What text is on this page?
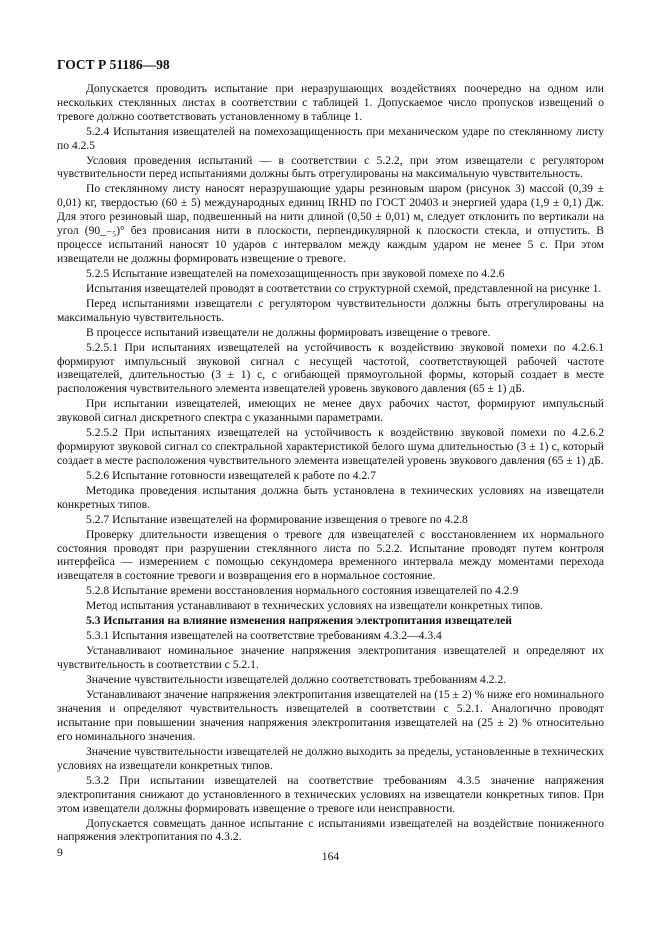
ГОСТ Р 51186—98

Допускается проводить испытание при неразрушающих воздействиях поочередно на одном или нескольких стеклянных листах в соответствии с таблицей 1. Допускаемое число пропусков извещений о тревоге должно соответствовать установленному в таблице 1.

5.2.4 Испытания извещателей на помехозащищенность при механическом ударе по стеклянному листу по 4.2.5

Условия проведения испытаний — в соответствии с 5.2.2, при этом извещатели с регулятором чувствительности перед испытаниями должны быть отрегулированы на максимальную чувствительность.

По стеклянному листу наносят неразрушающие удары резиновым шаром (рисунок 3) массой (0,39 ± 0,01) кг, твердостью (60 ± 5) международных единиц IRHD по ГОСТ 20403 и энергией удара (1,9 ± 0,1) Дж. Для этого резиновый шар, подвешенный на нити длиной (0,50 ± 0,01) м, следует отклонить по вертикали на угол (90_₋₅)° без провисания нити в плоскости, перпендикулярной к плоскости стекла, и отпустить. В процессе испытаний наносят 10 ударов с интервалом между каждым ударом не менее 5 с. При этом извещатели не должны формировать извещение о тревоге.

5.2.5 Испытание извещателей на помехозащищенность при звуковой помехе по 4.2.6

Испытания извещателей проводят в соответствии со структурной схемой, представленной на рисунке 1.

Перед испытаниями извещатели с регулятором чувствительности должны быть отрегулированы на максимальную чувствительность.

В процессе испытаний извещатели не должны формировать извещение о тревоге.

5.2.5.1 При испытаниях извещателей на устойчивость к воздействию звуковой помехи по 4.2.6.1 формируют импульсный звуковой сигнал с несущей частотой, соответствующей рабочей частоте извещателей, длительностью (3 ± 1) с, с огибающей прямоугольной формы, который создает в месте расположения чувствительного элемента извещателей уровень звукового давления (65 ± 1) дБ.

При испытании извещателей, имеющих не менее двух рабочих частот, формируют импульсный звуковой сигнал дискретного спектра с указанными параметрами.

5.2.5.2 При испытаниях извещателей на устойчивость к воздействию звуковой помехи по 4.2.6.2 формируют звуковой сигнал со спектральной характеристикой белого шума длительностью (3 ± 1) с, который создает в месте расположения чувствительного элемента извещателей уровень звукового давления (65 ± 1) дБ.

5.2.6 Испытание готовности извещателей к работе по 4.2.7

Методика проведения испытания должна быть установлена в технических условиях на извещатели конкретных типов.

5.2.7 Испытание извещателей на формирование извещения о тревоге по 4.2.8

Проверку длительности извещения о тревоге для извещателей с восстановлением их нормального состояния проводят при разрушении стеклянного листа по 5.2.2. Испытание проводят путем контроля интерфейса — измерением с помощью секундомера временного интервала между моментами перехода извещателя в состояние тревоги и возвращения его в нормальное состояние.

5.2.8 Испытание времени восстановления нормального состояния извещателей по 4.2.9

Метод испытания устанавливают в технических условиях на извещатели конкретных типов.

5.3 Испытания на влияние изменения напряжения электропитания извещателей

5.3.1 Испытания извещателей на соответствие требованиям 4.3.2—4.3.4

Устанавливают номинальное значение напряжения электропитания извещателей и определяют их чувствительность в соответствии с 5.2.1.

Значение чувствительности извещателей должно соответствовать требованиям 4.2.2.

Устанавливают значение напряжения электропитания извещателей на (15 ± 2) % ниже его номинального значения и определяют чувствительность извещателей в соответствии с 5.2.1. Аналогично проводят испытание при повышении значения напряжения электропитания извещателей на (25 ± 2) % относительно его номинального значения.

Значение чувствительности извещателей не должно выходить за пределы, установленные в технических условиях на извещатели конкретных типов.

5.3.2 При испытании извещателей на соответствие требованиям 4.3.5 значение напряжения электропитания снижают до установленного в технических условиях на извещатели конкретных типов. При этом извещатели должны формировать извещение о тревоге или неисправности.

Допускается совмещать данное испытание с испытаниями извещателей на воздействие пониженного напряжения электропитания по 4.3.2.

9	164
